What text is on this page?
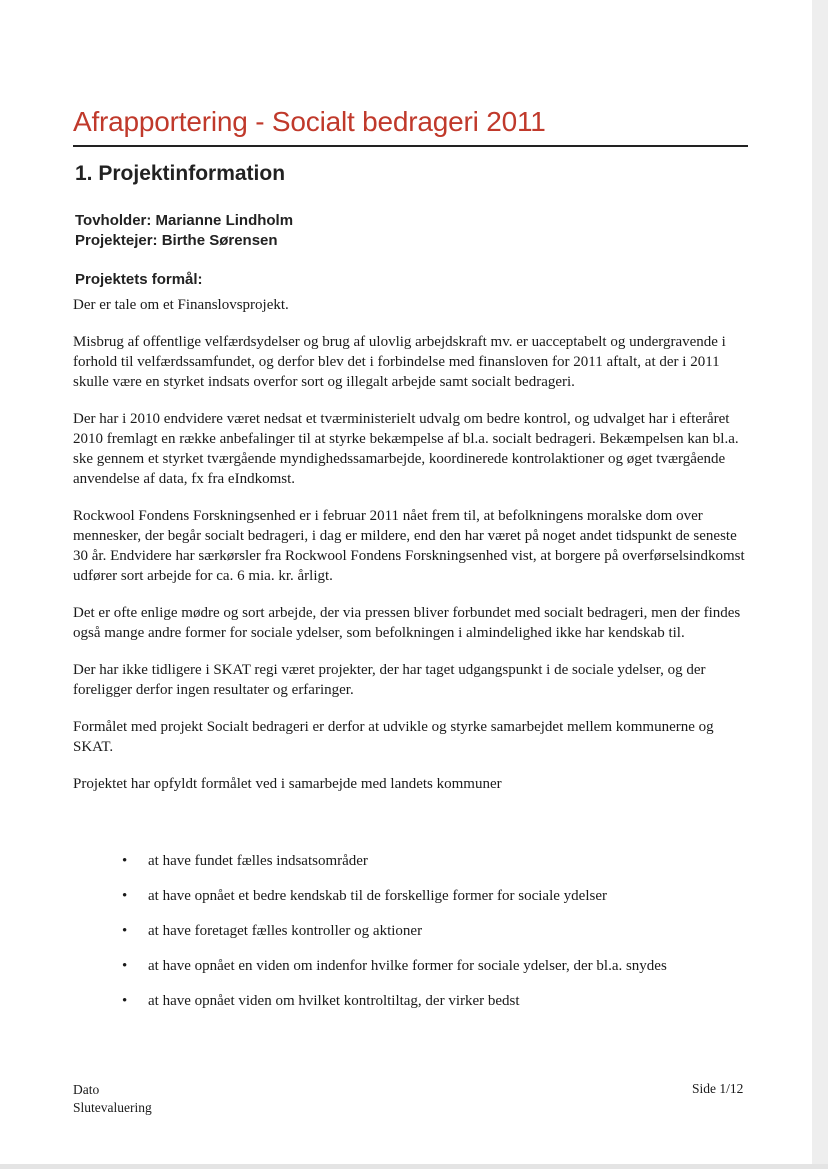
Afrapportering - Socialt bedrageri 2011
1. Projektinformation
Tovholder: Marianne Lindholm
Projektejer: Birthe Sørensen
Projektets formål:

Der er tale om et Finanslovsprojekt.

Misbrug af offentlige velfærdsydelser og brug af ulovlig arbejdskraft mv. er uacceptabelt og undergravende i forhold til velfærdssamfundet, og derfor blev det i forbindelse med finansloven for 2011 aftalt, at der i 2011 skulle være en styrket indsats overfor sort og illegalt arbejde samt socialt bedrageri.

Der har i 2010 endvidere været nedsat et tværministerielt udvalg om bedre kontrol, og udvalget har i efteråret 2010 fremlagt en række anbefalinger til at styrke bekæmpelse af bl.a. socialt bedrageri. Bekæmpelsen kan bl.a. ske gennem et styrket tværgående myndighedssamarbejde, koordinerede kontrolaktioner og øget tværgående anvendelse af data, fx fra eIndkomst.

Rockwool Fondens Forskningsenhed er i februar 2011 nået frem til, at befolkningens moralske dom over mennesker, der begår socialt bedrageri, i dag er mildere, end den har været på noget andet tidspunkt de seneste 30 år. Endvidere har særkørsler fra Rockwool Fondens Forskningsenhed vist, at borgere på overførselsindkomst udfører sort arbejde for ca. 6 mia. kr. årligt.

Det er ofte enlige mødre og sort arbejde, der via pressen bliver forbundet med socialt bedrageri, men der findes også mange andre former for sociale ydelser, som befolkningen i almindelighed ikke har kendskab til.

Der har ikke tidligere i SKAT regi været projekter, der har taget udgangspunkt i de sociale ydelser, og der foreligger derfor ingen resultater og erfaringer.

Formålet med projekt Socialt bedrageri er derfor at udvikle og styrke samarbejdet mellem kommunerne og SKAT.

Projektet har opfyldt formålet ved i samarbejde med landets kommuner

• at have fundet fælles indsatsområder
• at have opnået et bedre kendskab til de forskellige former for sociale ydelser
• at have foretaget fælles kontroller og aktioner
• at have opnået en viden om indenfor hvilke former for sociale ydelser, der bl.a. snydes
• at have opnået viden om hvilket kontroltiltag, der virker bedst
Dato
Slutevaluering
Side 1/12
